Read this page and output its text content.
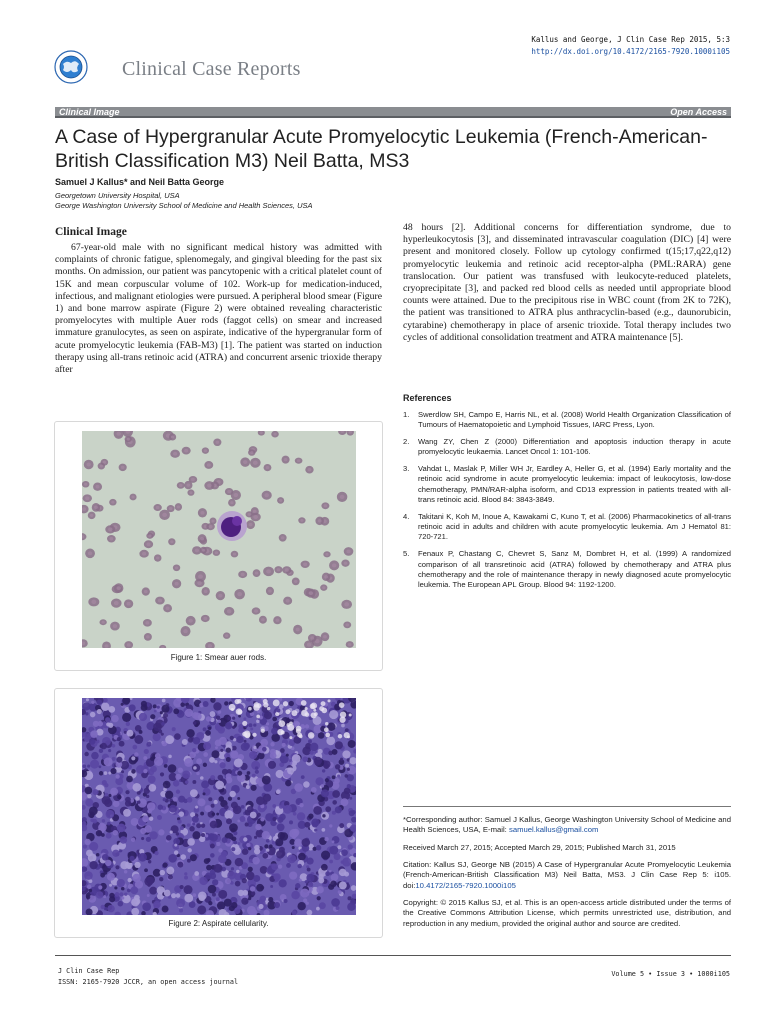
Kallus and George, J Clin Case Rep 2015, 5:3
http://dx.doi.org/10.4172/2165-7920.1000i105
Clinical Case Reports
Clinical Image	Open Access
A Case of Hypergranular Acute Promyelocytic Leukemia (French-American-British Classification M3) Neil Batta, MS3
Samuel J Kallus* and Neil Batta George
Georgetown University Hospital, USA
George Washington University School of Medicine and Health Sciences, USA
Clinical Image

67-year-old male with no significant medical history was admitted with complaints of chronic fatigue, splenomegaly, and gingival bleeding for the past six months. On admission, our patient was pancytopenic with a critical platelet count of 15K and mean corpuscular volume of 102. Work-up for medication-induced, infectious, and malignant etiologies were pursued. A peripheral blood smear (Figure 1) and bone marrow aspirate (Figure 2) were obtained revealing characteristic promyelocytes with multiple Auer rods (faggot cells) on smear and increased immature granulocytes, as seen on aspirate, indicative of the hypergranular form of acute promyelocytic leukemia (FAB-M3) [1]. The patient was started on induction therapy using all-trans retinoic acid (ATRA) and concurrent arsenic trioxide therapy after

48 hours [2]. Additional concerns for differentiation syndrome, due to hyperleukocytosis [3], and disseminated intravascular coagulation (DIC) [4] were present and monitored closely. Follow up cytology confirmed t(15;17,q22,q12) promyelocytic leukemia and retinoic acid receptor-alpha (PML:RARA) gene translocation. Our patient was transfused with leukocyte-reduced platelets, cryoprecipitate [3], and packed red blood cells as needed until appropriate blood counts were attained. Due to the precipitous rise in WBC count (from 2K to 72K), the patient was transitioned to ATRA plus anthracyclin-based (e.g., daunorubicin, cytarabine) chemotherapy in place of arsenic trioxide. Total therapy includes two cycles of additional consolidation treatment and ATRA maintenance [5].

Figure 1: Smear auer rods.
Figure 2: Aspirate cellularity.
References
1. Swerdlow SH, Campo E, Harris NL, et al. (2008) World Health Organization Classification of Tumours of Haematopoietic and Lymphoid Tissues, IARC Press, Lyon.
2. Wang ZY, Chen Z (2000) Differentiation and apoptosis induction therapy in acute promyelocytic leukaemia. Lancet Oncol 1: 101-106.
3. Vahdat L, Maslak P, Miller WH Jr, Eardley A, Heller G, et al. (1994) Early mortality and the retinoic acid syndrome in acute promyelocytic leukemia: impact of leukocytosis, low-dose chemotherapy, PMN/RAR-alpha isoform, and CD13 expression in patients treated with all-trans retinoic acid. Blood 84: 3843-3849.
4. Takitani K, Koh M, Inoue A, Kawakami C, Kuno T, et al. (2006) Pharmacokinetics of all-trans retinoic acid in adults and children with acute promyelocytic leukemia. Am J Hematol 81: 720-721.
5. Fenaux P, Chastang C, Chevret S, Sanz M, Dombret H, et al. (1999) A randomized comparison of all transretinoic acid (ATRA) followed by chemotherapy and ATRA plus chemotherapy and the role of maintenance therapy in newly diagnosed acute promyelocytic leukemia. The European APL Group. Blood 94: 1192-1200.
*Corresponding author: Samuel J Kallus, George Washington University School of Medicine and Health Sciences, USA, E-mail: samuel.kallus@gmail.com
Received March 27, 2015; Accepted March 29, 2015; Published March 31, 2015
Citation: Kallus SJ, George NB (2015) A Case of Hypergranular Acute Promyelocytic Leukemia (French-American-British Classification M3) Neil Batta, MS3. J Clin Case Rep 5: i105. doi:10.4172/2165-7920.1000i105
Copyright: © 2015 Kallus SJ, et al. This is an open-access article distributed under the terms of the Creative Commons Attribution License, which permits unrestricted use, distribution, and reproduction in any medium, provided the original author and source are credited.
J Clin Case Rep
ISSN: 2165-7920 JCCR, an open access journal
Volume 5 • Issue 3 • 1000i105
